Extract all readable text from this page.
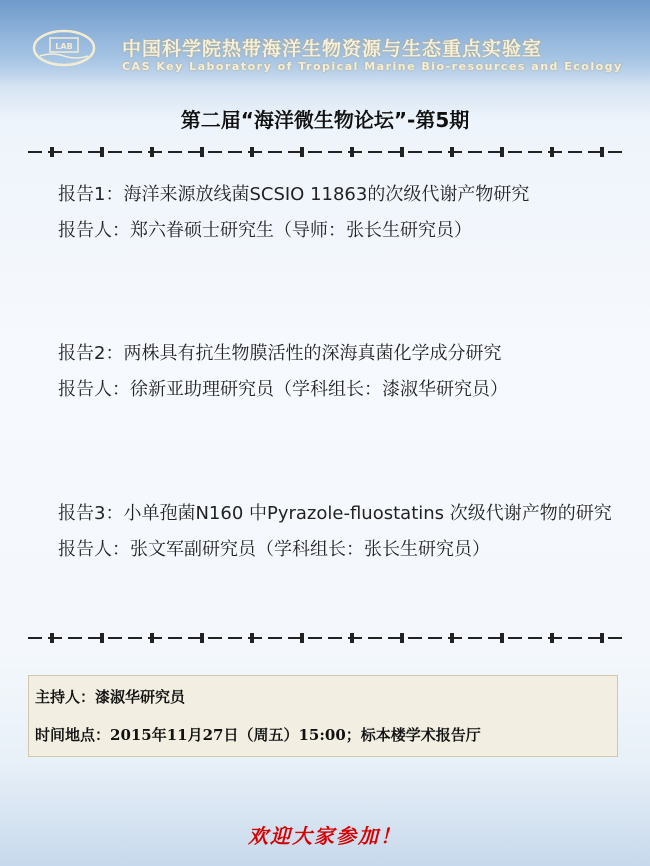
LAB	中国科学院热带海洋生物资源与生态重点实验室
CAS Key Laboratory of Tropical Marine Bio-resources and Ecology
第二届“海洋微生物论坛”-第5期

报告1：海洋来源放线菌SCSIO 11863的次级代谢产物研究

报告人：郑六眷硕士研究生（导师：张长生研究员）

报告2：两株具有抗生物膜活性的深海真菌化学成分研究

报告人：徐新亚助理研究员（学科组长：漆淑华研究员）

报告3：小单孢菌N160 中Pyrazole-fluostatins 次级代谢产物的研究

报告人：张文军副研究员（学科组长：张长生研究员）

主持人：漆淑华研究员
时间地点：2015年11月27日（周五）15:00；标本楼学术报告厅
欢迎大家参加！
